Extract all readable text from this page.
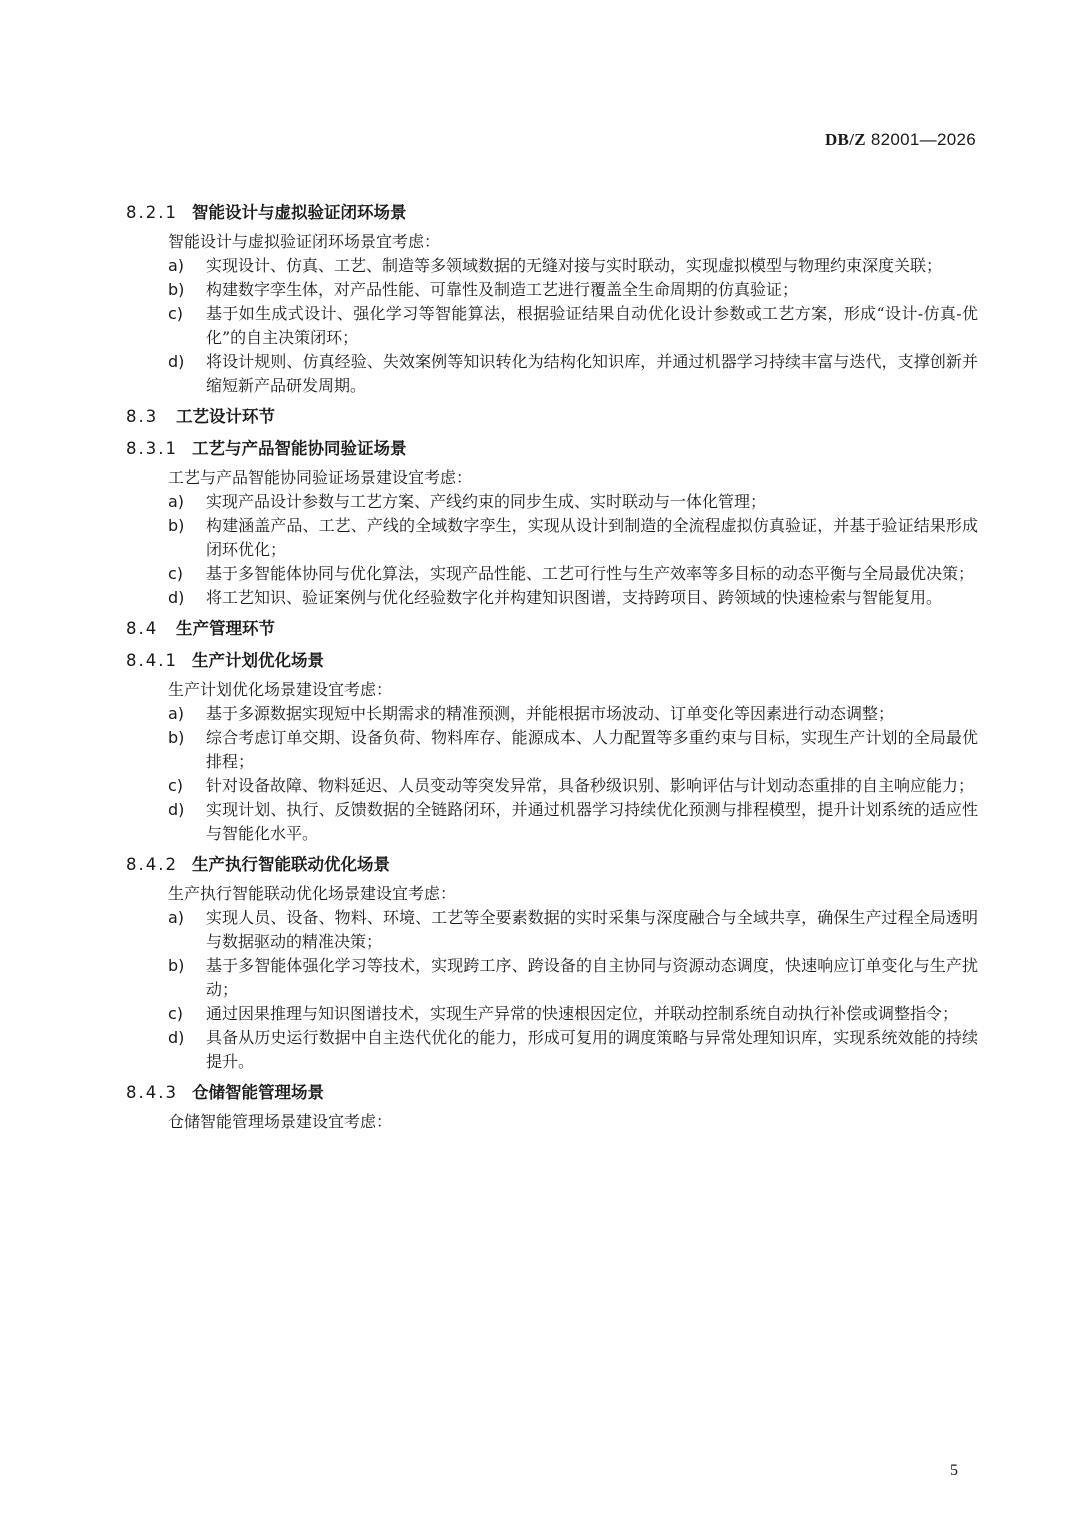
DB/Z 82001—2026
8.2.1 智能设计与虚拟验证闭环场景

智能设计与虚拟验证闭环场景宜考虑：

a)	实现设计、仿真、工艺、制造等多领域数据的无缝对接与实时联动，实现虚拟模型与物理约束深度关联；
b)	构建数字孪生体，对产品性能、可靠性及制造工艺进行覆盖全生命周期的仿真验证；
c)	基于如生成式设计、强化学习等智能算法，根据验证结果自动优化设计参数或工艺方案，形成“设计-仿真-优化”的自主决策闭环；
d)	将设计规则、仿真经验、失效案例等知识转化为结构化知识库，并通过机器学习持续丰富与迭代，支撑创新并缩短新产品研发周期。
8.3	工艺设计环节
8.3.1 工艺与产品智能协同验证场景

工艺与产品智能协同验证场景建设宜考虑：

a)	实现产品设计参数与工艺方案、产线约束的同步生成、实时联动与一体化管理；
b)	构建涵盖产品、工艺、产线的全域数字孪生，实现从设计到制造的全流程虚拟仿真验证，并基于验证结果形成闭环优化；
c)	基于多智能体协同与优化算法，实现产品性能、工艺可行性与生产效率等多目标的动态平衡与全局最优决策；
d)	将工艺知识、验证案例与优化经验数字化并构建知识图谱，支持跨项目、跨领域的快速检索与智能复用。
8.4	生产管理环节
8.4.1 生产计划优化场景

生产计划优化场景建设宜考虑：

a)	基于多源数据实现短中长期需求的精准预测，并能根据市场波动、订单变化等因素进行动态调整；
b)	综合考虑订单交期、设备负荷、物料库存、能源成本、人力配置等多重约束与目标，实现生产计划的全局最优排程；
c)	针对设备故障、物料延迟、人员变动等突发异常，具备秒级识别、影响评估与计划动态重排的自主响应能力；
d)	实现计划、执行、反馈数据的全链路闭环，并通过机器学习持续优化预测与排程模型，提升计划系统的适应性与智能化水平。
8.4.2 生产执行智能联动优化场景

生产执行智能联动优化场景建设宜考虑：

a)	实现人员、设备、物料、环境、工艺等全要素数据的实时采集与深度融合与全域共享，确保生产过程全局透明与数据驱动的精准决策；
b)	基于多智能体强化学习等技术，实现跨工序、跨设备的自主协同与资源动态调度，快速响应订单变化与生产扰动；
c)	通过因果推理与知识图谱技术，实现生产异常的快速根因定位，并联动控制系统自动执行补偿或调整指令；
d)	具备从历史运行数据中自主迭代优化的能力，形成可复用的调度策略与异常处理知识库，实现系统效能的持续提升。
8.4.3 仓储智能管理场景

仓储智能管理场景建设宜考虑：

5
